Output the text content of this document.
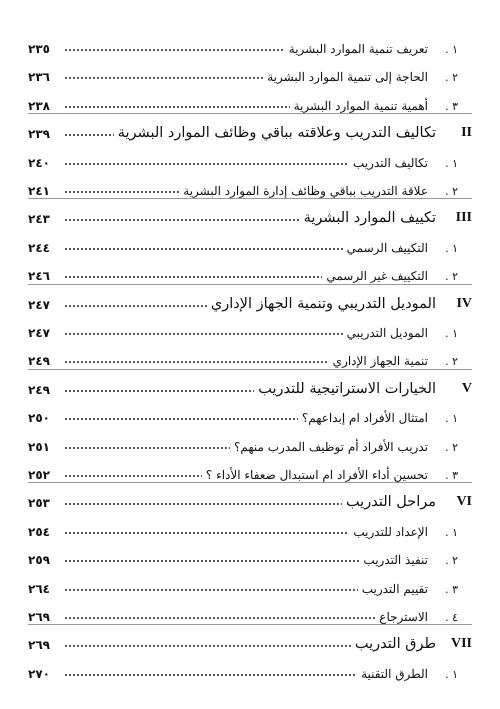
١ .
تعريف تنمية الموارد البشرية
٢٣٥
٢ .
الحاجة إلى تنمية الموارد البشرية
٢٣٦
٣ .
أهمية تنمية الموارد البشرية
٢٣٨
II
تكاليف التدريب وعلاقته بباقي وظائف الموارد البشرية
٢٣٩
١ .
تكاليف التدريب
٢٤٠
٢ .
علاقة التدريب بباقي وظائف إدارة الموارد البشرية
٢٤١
III
تكييف الموارد البشرية
٢٤٣
١ .
التكييف الرسمي
٢٤٤
٢ .
التكييف غير الرسمي
٢٤٦
IV
الموديل التدريبي وتنمية الجهاز الإداري
٢٤٧
١ .
الموديل التدريبي
٢٤٧
٢ .
تنمية الجهاز الإداري
٢٤٩
V
الخيارات الاستراتيجية للتدريب
٢٤٩
١ .
امتثال الأفراد ام إبداعهم؟
٢٥٠
٢ .
تدريب الأفراد أم توظيف المدرب منهم؟
٢٥١
٣ .
تحسين أداء الأفراد ام استبدال ضعفاء الأداء ؟
٢٥٢
VI
مراحل التدريب
٢٥٣
١ .
الإعداد للتدريب
٢٥٤
٢ .
تنفيذ التدريب
٢٥٩
٣ .
تقييم التدريب
٢٦٤
٤ .
الاسترجاع
٢٦٩
VII
طرق التدريب
٢٦٩
١ .
الطرق التقنية
٢٧٠
